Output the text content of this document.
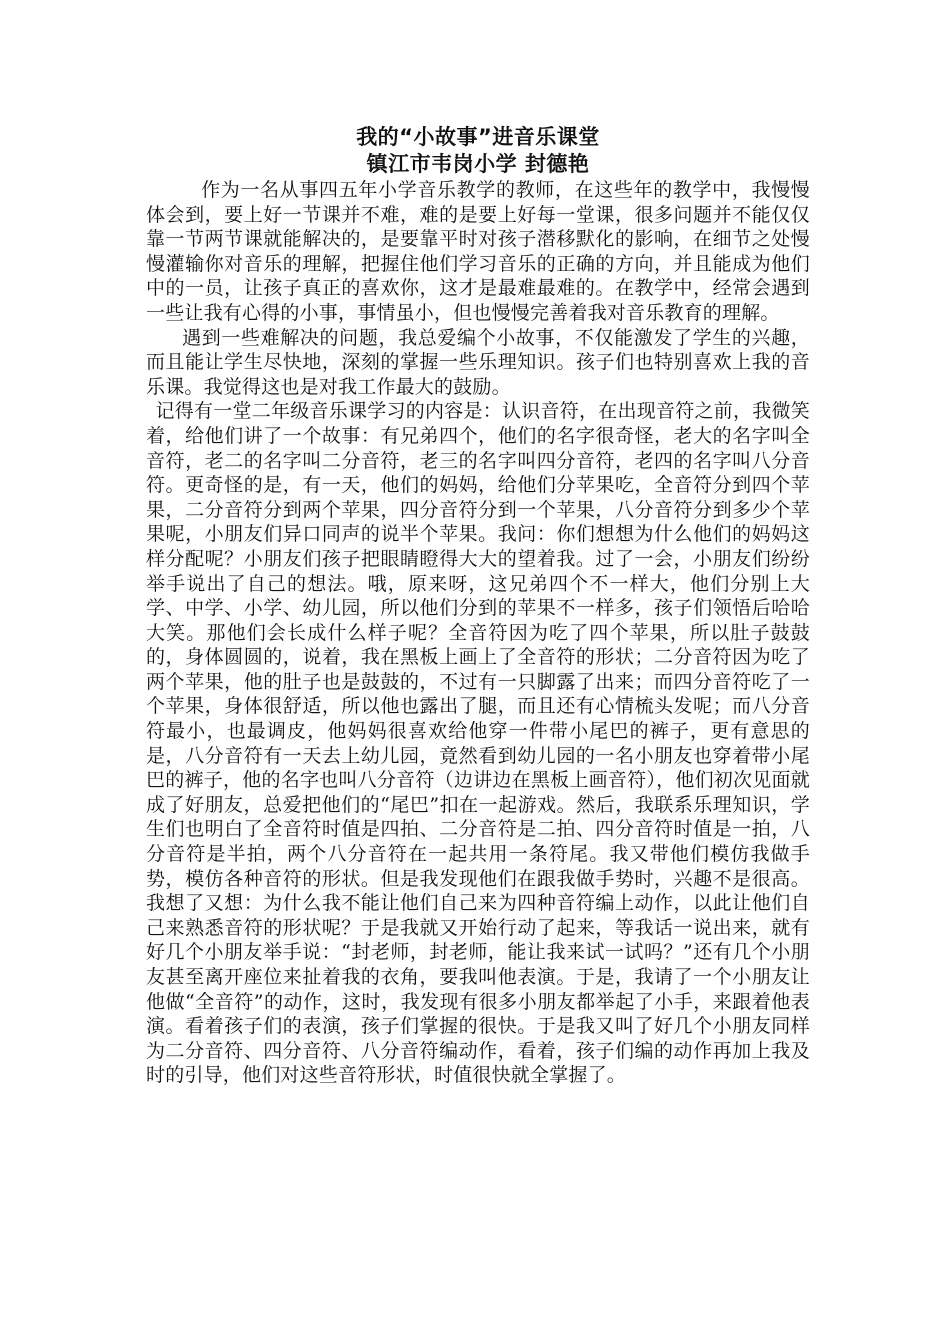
我的“小故事”进音乐课堂
镇江市韦岗小学 封德艳

作为一名从事四五年小学音乐教学的教师，在这些年的教学中，我慢慢体会到，要上好一节课并不难，难的是要上好每一堂课，很多问题并不能仅仅靠一节两节课就能解决的，是要靠平时对孩子潜移默化的影响，在细节之处慢慢灌输你对音乐的理解，把握住他们学习音乐的正确的方向，并且能成为他们中的一员，让孩子真正的喜欢你，这才是最难最难的。在教学中，经常会遇到一些让我有心得的小事，事情虽小，但也慢慢完善着我对音乐教育的理解。

遇到一些难解决的问题，我总爱编个小故事，不仅能激发了学生的兴趣，而且能让学生尽快地，深刻的掌握一些乐理知识。孩子们也特别喜欢上我的音乐课。我觉得这也是对我工作最大的鼓励。

记得有一堂二年级音乐课学习的内容是：认识音符，在出现音符之前，我微笑着，给他们讲了一个故事：有兄弟四个，他们的名字很奇怪，老大的名字叫全音符，老二的名字叫二分音符，老三的名字叫四分音符，老四的名字叫八分音符。更奇怪的是，有一天，他们的妈妈，给他们分苹果吃，全音符分到四个苹果，二分音符分到两个苹果，四分音符分到一个苹果，八分音符分到多少个苹果呢，小朋友们异口同声的说半个苹果。我问：你们想想为什么他们的妈妈这样分配呢？小朋友们孩子把眼睛瞪得大大的望着我。过了一会，小朋友们纷纷举手说出了自己的想法。哦，原来呀，这兄弟四个不一样大，他们分别上大学、中学、小学、幼儿园，所以他们分到的苹果不一样多，孩子们领悟后哈哈大笑。那他们会长成什么样子呢？全音符因为吃了四个苹果，所以肚子鼓鼓的，身体圆圆的，说着，我在黑板上画上了全音符的形状；二分音符因为吃了两个苹果，他的肚子也是鼓鼓的，不过有一只脚露了出来；而四分音符吃了一个苹果，身体很舒适，所以他也露出了腿，而且还有心情梳头发呢；而八分音符最小，也最调皮，他妈妈很喜欢给他穿一件带小尾巴的裤子，更有意思的是，八分音符有一天去上幼儿园，竟然看到幼儿园的一名小朋友也穿着带小尾巴的裤子，他的名字也叫八分音符（边讲边在黑板上画音符），他们初次见面就成了好朋友，总爱把他们的“尾巴”扣在一起游戏。然后，我联系乐理知识，学生们也明白了全音符时值是四拍、二分音符是二拍、四分音符时值是一拍，八分音符是半拍，两个八分音符在一起共用一条符尾。我又带他们模仿我做手势，模仿各种音符的形状。但是我发现他们在跟我做手势时，兴趣不是很高。我想了又想：为什么我不能让他们自己来为四种音符编上动作，以此让他们自己来熟悉音符的形状呢？于是我就又开始行动了起来，等我话一说出来，就有好几个小朋友举手说：“封老师，封老师，能让我来试一试吗？”还有几个小朋友甚至离开座位来扯着我的衣角，要我叫他表演。于是，我请了一个小朋友让他做“全音符”的动作，这时，我发现有很多小朋友都举起了小手，来跟着他表演。看着孩子们的表演，孩子们掌握的很快。于是我又叫了好几个小朋友同样为二分音符、四分音符、八分音符编动作，看着，孩子们编的动作再加上我及时的引导，他们对这些音符形状，时值很快就全掌握了。
